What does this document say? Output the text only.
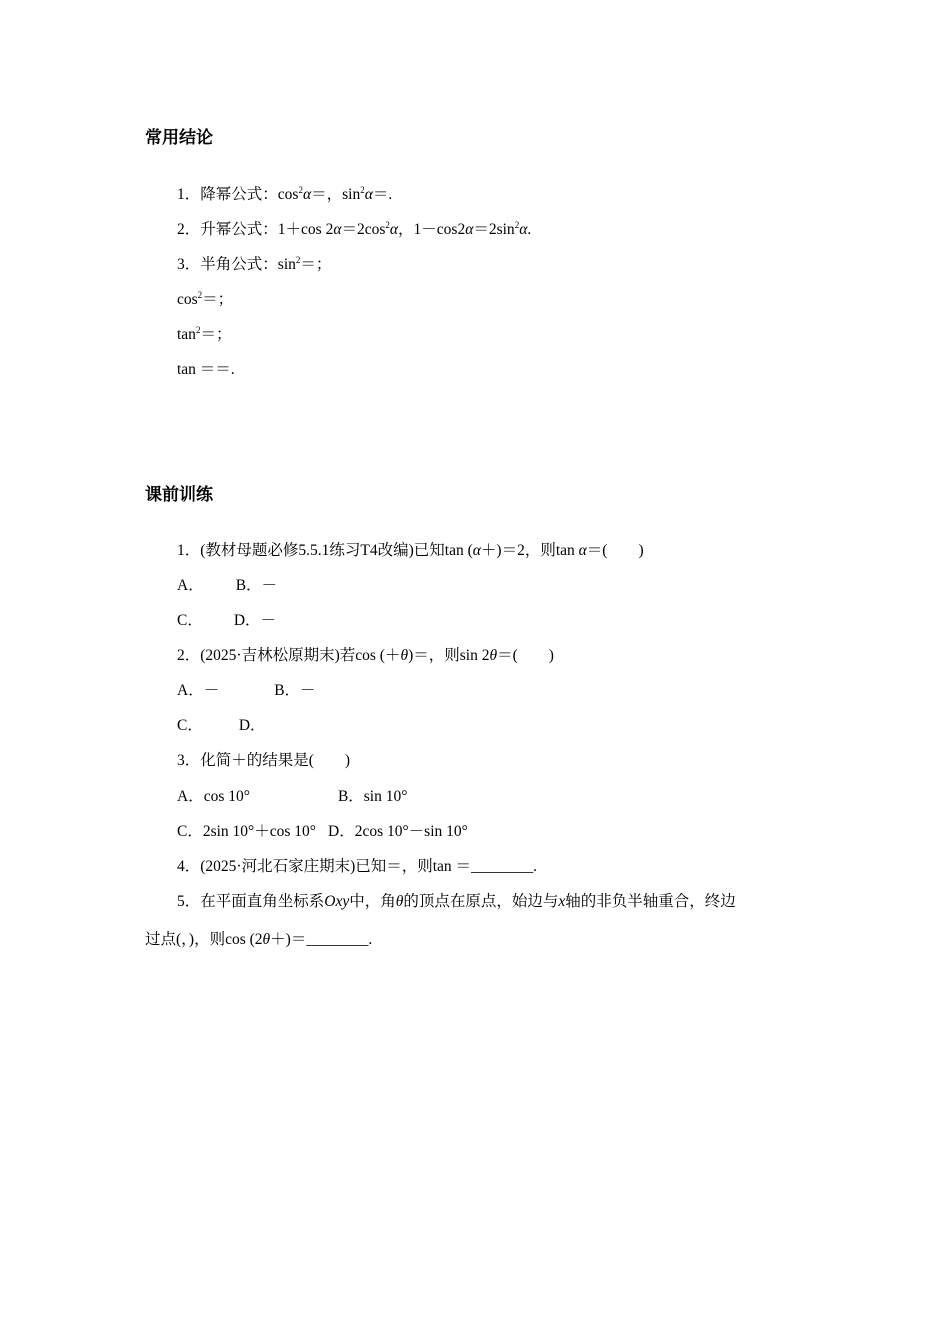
常用结论
1．降幂公式：$\cos^2\alpha=$，$\sin^2\alpha=$.
2．升幂公式：1＋cos $2\alpha=2\cos^2\alpha$，$1-\cos 2\alpha=2\sin^2\alpha$.
3．半角公式：$\sin^2=$；
$\cos^2=$；
$\tan^2=$；
tan ＝＝.
课前训练
1．(教材母题必修5.5.1练习T4改编)已知tan (α＋)＝2，则tan α＝(　　)
A． B．－
C． D．－
2．(2025·吉林松原期末)若cos (＋θ)＝，则sin 2θ＝(　　)
A．－	B．－
C． D．
3．化简＋的结果是(　　)
A．cos 10°	B．sin 10°
C．2sin 10°＋cos 10° D．2cos 10°－sin 10°
4．(2025·河北石家庄期末)已知＝，则tan ＝________.
5．在平面直角坐标系Oxy中，角θ的顶点在原点，始边与x轴的非负半轴重合，终边
过点(，)，则cos (2θ＋)＝________.
